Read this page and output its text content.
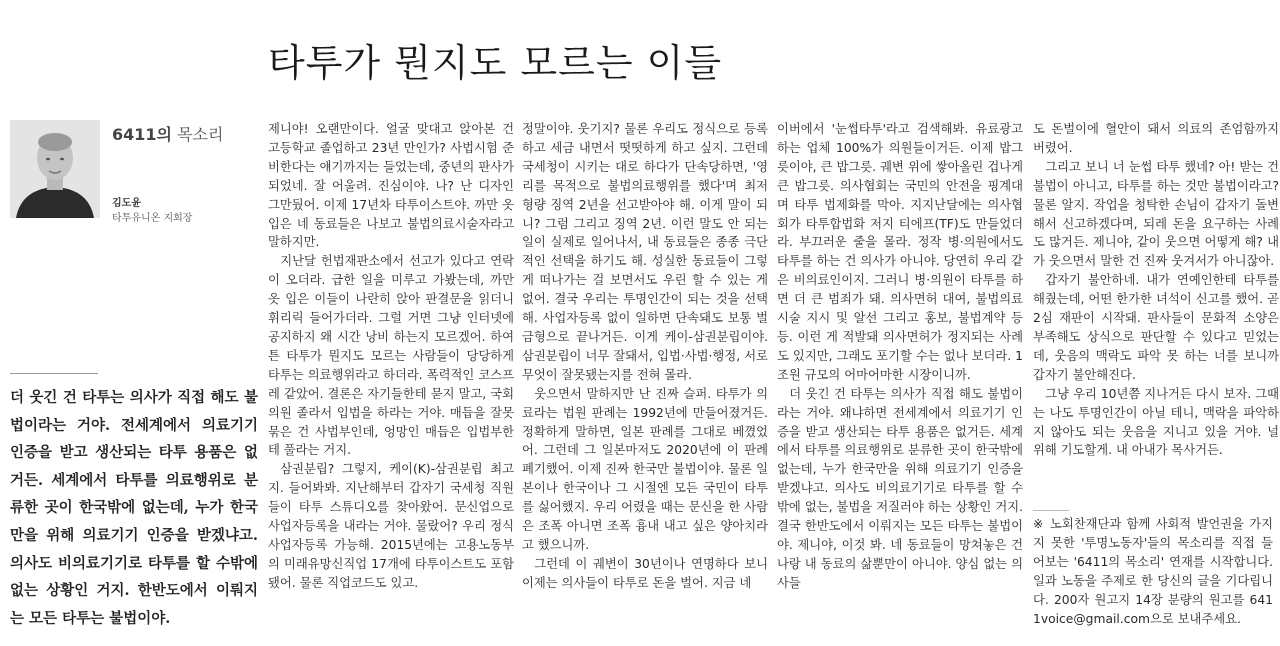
타투가 뭔지도 모르는 이들
6411의 목소리
김도윤
타투유니온 지회장

더 웃긴 건 타투는 의사가 직접 해도 불법이라는 거야. 전세계에서 의료기기 인증을 받고 생산되는 타투 용품은 없거든. 세계에서 타투를 의료행위로 분류한 곳이 한국밖에 없는데, 누가 한국만을 위해 의료기기 인증을 받겠냐고. 의사도 비의료기기로 타투를 할 수밖에 없는 상황인 거지. 한반도에서 이뤄지는 모든 타투는 불법이야.

제니야! 오랜만이다. 얼굴 맞대고 앉아본 건 고등학교 졸업하고 23년 만인가? 사법시험 준비한다는 얘기까지는 들었는데, 중년의 판사가 되었네. 잘 어울려. 진심이야. 나? 난 디자인 그만뒀어. 이제 17년차 타투이스트야. 까만 옷 입은 네 동료들은 나보고 불법의료시술자라고 말하지만.

지난달 헌법재판소에서 선고가 있다고 연락이 오더라. 급한 일을 미루고 가봤는데, 까만 옷 입은 이들이 나란히 앉아 판결문을 읽더니 휘리릭 들어가더라. 그럴 거면 그냥 인터넷에 공지하지 왜 시간 낭비 하는지 모르겠어. 하여튼 타투가 뭔지도 모르는 사람들이 당당하게 타투는 의료행위라고 하더라. 폭력적인 코스프레 같았어. 결론은 자기들한테 묻지 말고, 국회의원 졸라서 입법을 하라는 거야. 매듭을 잘못 묶은 건 사법부인데, 엉망인 매듭은 입법부한테 풀라는 거지.

삼권분립? 그렇지, 케이(K)-삼권분립 최고지. 들어봐봐. 지난해부터 갑자기 국세청 직원들이 타투 스튜디오를 찾아왔어. 문신업으로 사업자등록을 내라는 거야. 물랐어? 우리 정식 사업자등록 가능해. 2015년에는 고용노동부의 미래유망신직업 17개에 타투이스트도 포함됐어. 물론 직업코드도 있고.

정말이야. 웃기지? 물론 우리도 정식으로 등록하고 세금 내면서 떳떳하게 하고 싶지. 그런데 국세청이 시키는 대로 하다가 단속당하면, '영리를 목적으로 불법의료행위를 했다'며 최저 형량 징역 2년을 선고받아야 해. 이게 말이 되니? 그럼 그리고 징역 2년. 이런 말도 안 되는 일이 실제로 일어나서, 내 동료들은 종종 극단적인 선택을 하기도 해. 성실한 동료들이 그렇게 떠나가는 걸 보면서도 우린 할 수 있는 게 없어. 결국 우리는 투명인간이 되는 것을 선택해. 사업자등록 없이 일하면 단속돼도 보통 벌금형으로 끝나거든. 이게 케이-삼권분립이야. 삼권분립이 너무 잘돼서, 입법·사법·행정, 서로 무엇이 잘못됐는지를 전혀 몰라.

웃으면서 말하지만 난 진짜 슬퍼. 타투가 의료라는 법원 판례는 1992년에 만들어졌거든. 정확하게 말하면, 일본 판례를 그대로 베꼈었어. 그런데 그 일본마저도 2020년에 이 판례 폐기했어. 이제 진짜 한국만 불법이야. 물론 일본이나 한국이나 그 시절엔 모든 국민이 타투를 싫어했지. 우리 어렸을 때는 문신을 한 사람은 조폭 아니면 조폭 흉내 내고 싶은 양아치라고 했으니까.

그런데 이 궤변이 30년이나 연명하다 보니 이제는 의사들이 타투로 돈을 벌어. 지금 네

이버에서 '눈썹타투'라고 검색해봐. 유료광고하는 업체 100%가 의원들이거든. 이제 밥그릇이야, 큰 밥그릇. 궤변 위에 쌓아올린 겁나게 큰 밥그릇. 의사협회는 국민의 안전을 핑계대며 타투 법제화를 막아. 지지난달에는 의사협회가 타투합법화 저지 티에프(TF)도 만들었더라. 부끄러운 줄을 몰라. 정작 병·의원에서도 타투를 하는 건 의사가 아니야. 당연히 우리 같은 비의료인이지. 그러니 병·의원이 타투를 하면 더 큰 범죄가 돼. 의사면허 대여, 불법의료시술 지시 및 알선 그리고 홍보, 불법계약 등등. 이런 게 적발돼 의사면허가 정지되는 사례도 있지만, 그래도 포기할 수는 없나 보더라. 1조원 규모의 어마어마한 시장이니까.

더 웃긴 건 타투는 의사가 직접 해도 불법이라는 거야. 왜냐하면 전세계에서 의료기기 인증을 받고 생산되는 타투 용품은 없거든. 세계에서 타투를 의료행위로 분류한 곳이 한국밖에 없는데, 누가 한국만을 위해 의료기기 인증을 받겠냐고. 의사도 비의료기기로 타투를 할 수밖에 없는, 불법을 저질러야 하는 상황인 거지. 결국 한반도에서 이뤄지는 모든 타투는 불법이야. 제니야, 이것 봐. 네 동료들이 망쳐놓은 건 나랑 내 동료의 삶뿐만이 아니야. 양심 없는 의사들

도 돈벌이에 혈안이 돼서 의료의 존엄함까지 버렸어.

그리고 보니 너 눈썹 타투 했네? 아! 받는 건 불법이 아니고, 타투를 하는 것만 불법이라고? 물론 알지. 작업을 청탁한 손님이 갑자기 돌변해서 신고하겠다며, 되레 돈을 요구하는 사례도 많거든. 제니야, 같이 웃으면 어떻게 해? 내가 웃으면서 말한 건 진짜 웃겨서가 아니잖아.

갑자기 불안하네. 내가 연예인한테 타투를 해줬는데, 어떤 한가한 녀석이 신고를 했어. 곧 2심 재판이 시작돼. 판사들이 문화적 소양은 부족해도 상식으로 판단할 수 있다고 믿었는데, 웃음의 맥락도 파악 못 하는 너를 보니까 갑자기 불안해진다.

그냥 우리 10년쯤 지나거든 다시 보자. 그때는 나도 투명인간이 아닐 테니, 맥락을 파악하지 않아도 되는 웃음을 지니고 있을 거야. 널 위해 기도할게. 내 아내가 목사거든.

※ 노회찬재단과 함께 사회적 발언권을 가지지 못한 '투명노동자'들의 목소리를 직접 들어보는 '6411의 목소리' 연재를 시작합니다. 일과 노동을 주제로 한 당신의 글을 기다립니다. 200자 원고지 14장 분량의 원고를 6411voice@gmail.com으로 보내주세요.
